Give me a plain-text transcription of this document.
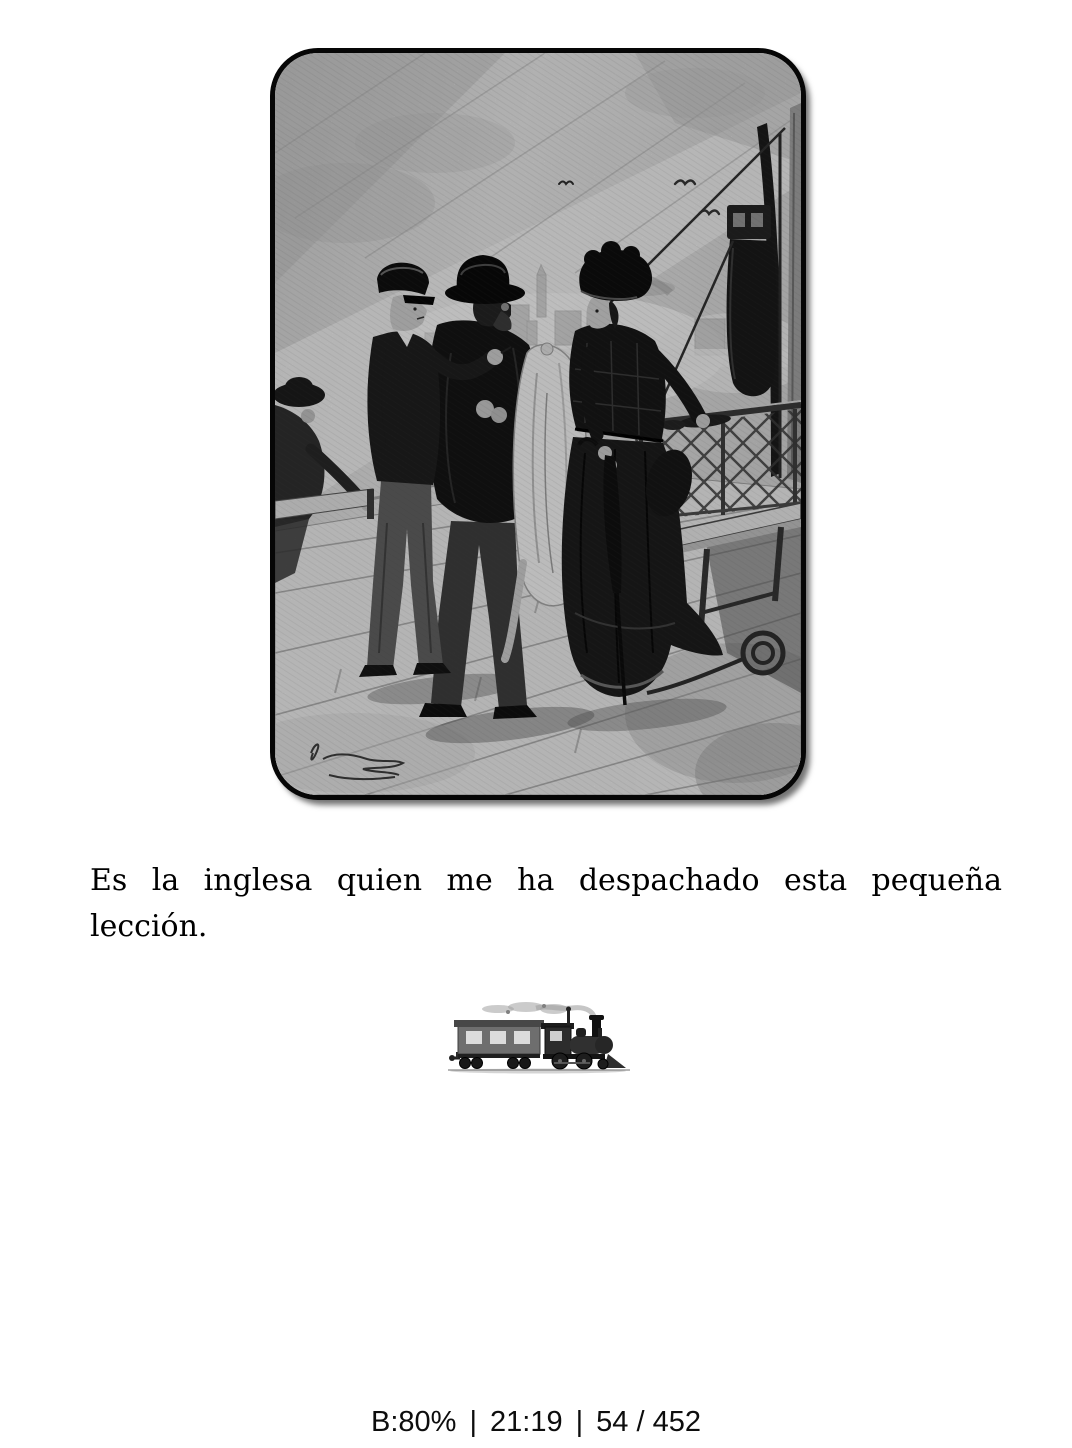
Es la inglesa quien me ha despachado esta pequeña lección.

B:80% | 21:19 | 54 / 452
